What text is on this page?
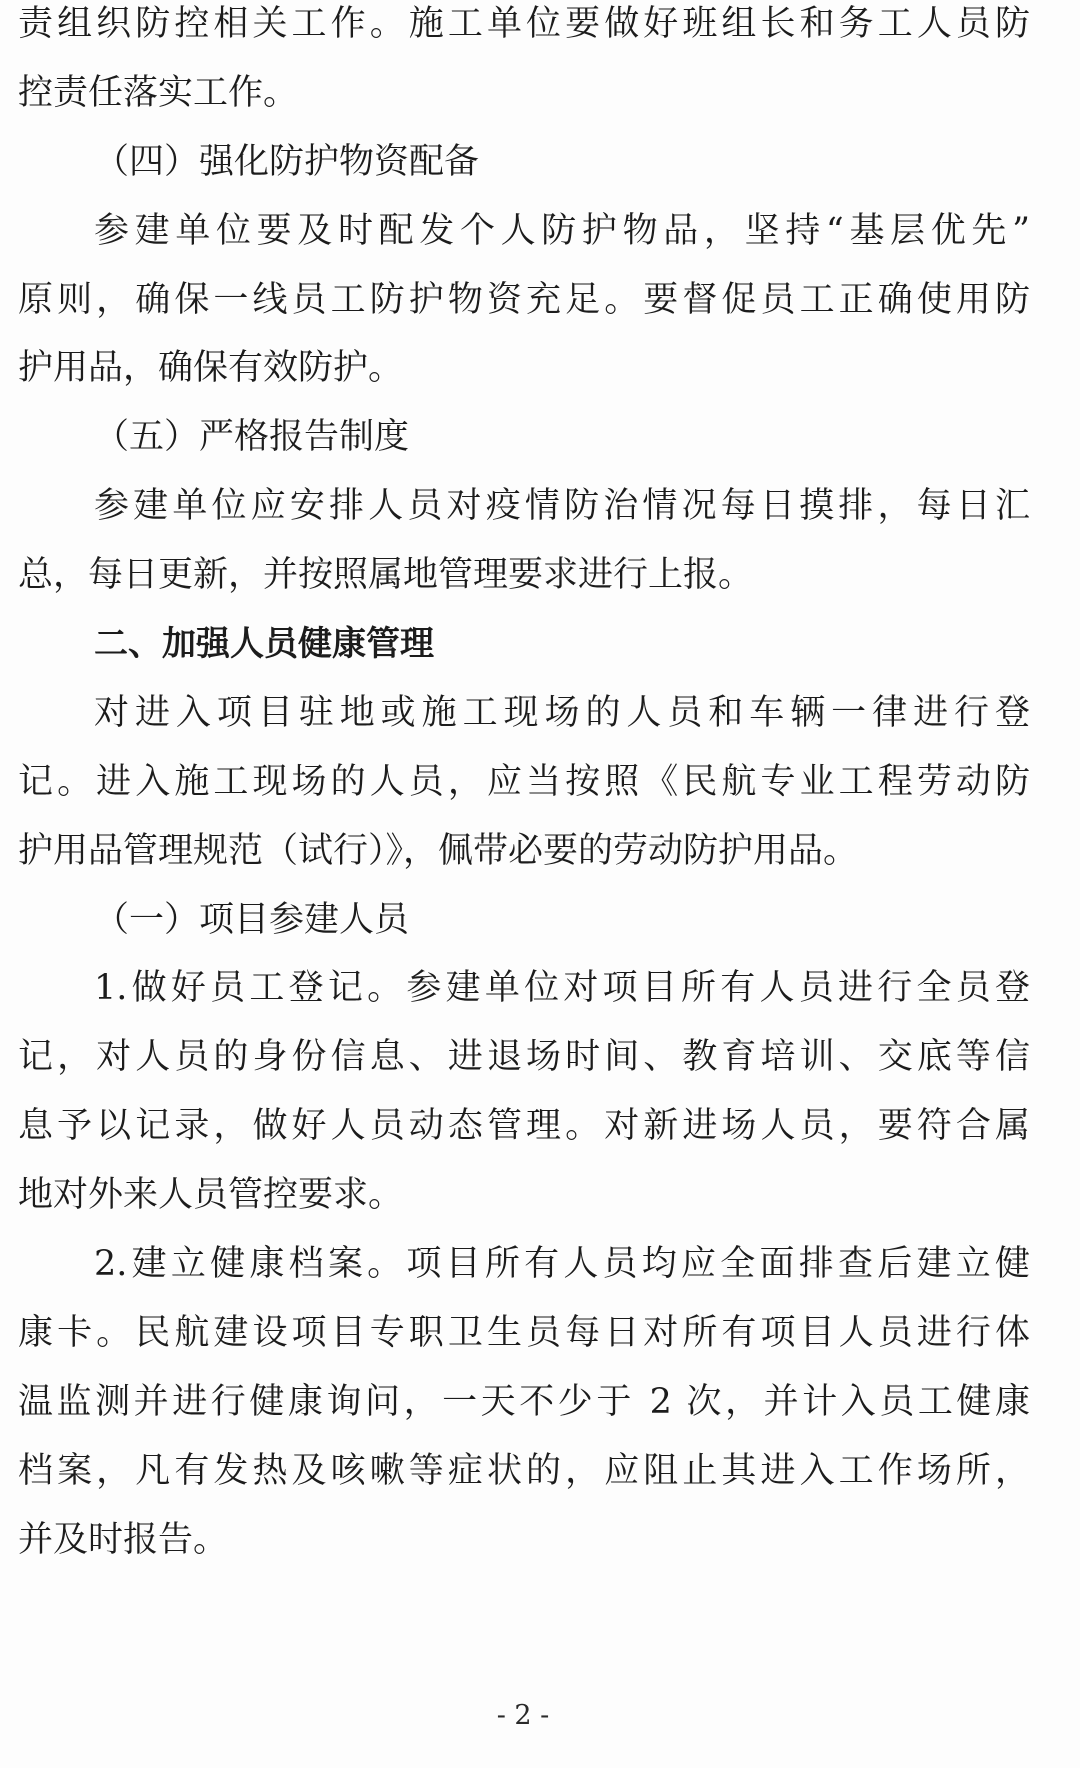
责组织防控相关工作。施工单位要做好班组长和务工人员防
控责任落实工作。
（四）强化防护物资配备
参建单位要及时配发个人防护物品，坚持“基层优先”
原则，确保一线员工防护物资充足。要督促员工正确使用防
护用品，确保有效防护。
（五）严格报告制度
参建单位应安排人员对疫情防治情况每日摸排，每日汇
总，每日更新，并按照属地管理要求进行上报。
二、加强人员健康管理
对进入项目驻地或施工现场的人员和车辆一律进行登
记。进入施工现场的人员，应当按照《民航专业工程劳动防
护用品管理规范（试行）》，佩带必要的劳动防护用品。
（一）项目参建人员
1.做好员工登记。参建单位对项目所有人员进行全员登
记，对人员的身份信息、进退场时间、教育培训、交底等信
息予以记录，做好人员动态管理。对新进场人员，要符合属
地对外来人员管控要求。
2.建立健康档案。项目所有人员均应全面排查后建立健
康卡。民航建设项目专职卫生员每日对所有项目人员进行体
温监测并进行健康询问，一天不少于 2 次，并计入员工健康
档案，凡有发热及咳嗽等症状的，应阻止其进入工作场所，
并及时报告。
- 2 -
